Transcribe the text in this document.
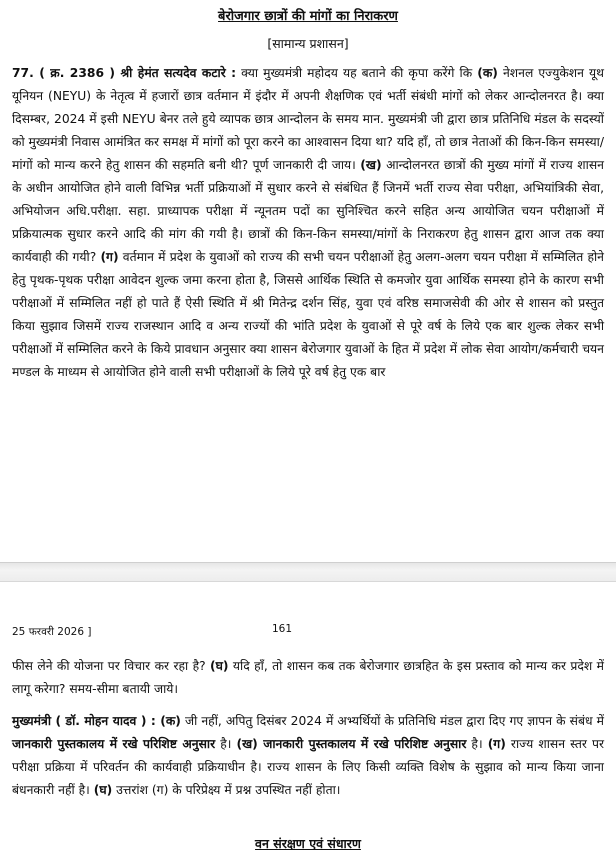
बेरोजगार छात्रों की मांगों का निराकरण
[सामान्य प्रशासन]

77. ( क्र. 2386 ) श्री हेमंत सत्यदेव कटारे : क्या मुख्यमंत्री महोदय यह बताने की कृपा करेंगे कि (क) नेशनल एज्युकेशन यूथ यूनियन (NEYU) के नेतृत्व में हजारों छात्र वर्तमान में इंदौर में अपनी शैक्षणिक एवं भर्ती संबंधी मांगों को लेकर आन्दोलनरत है। क्या दिसम्बर, 2024 में इसी NEYU बेनर तले हुये व्यापक छात्र आन्दोलन के समय मान. मुख्यमंत्री जी द्वारा छात्र प्रतिनिधि मंडल के सदस्यों को मुख्यमंत्री निवास आमंत्रित कर समक्ष में मांगों को पूरा करने का आश्वासन दिया था? यदि हाँ, तो छात्र नेताओं की किन-किन समस्या/मांगों को मान्य करने हेतु शासन की सहमति बनी थी? पूर्ण जानकारी दी जाय। (ख) आन्दोलनरत छात्रों की मुख्य मांगों में राज्य शासन के अधीन आयोजित होने वाली विभिन्न भर्ती प्रक्रियाओं में सुधार करने से संबंधित हैं जिनमें भर्ती राज्य सेवा परीक्षा, अभियांत्रिकी सेवा, अभियोजन अधि.परीक्षा. सहा. प्राध्यापक परीक्षा में न्यूनतम पदों का सुनिश्चित करने सहित अन्य आयोजित चयन परीक्षाओं में प्रक्रियात्मक सुधार करने आदि की मांग की गयी है। छात्रों की किन-किन समस्या/मांगों के निराकरण हेतु शासन द्वारा आज तक क्या कार्यवाही की गयी? (ग) वर्तमान में प्रदेश के युवाओं को राज्य की सभी चयन परीक्षाओं हेतु अलग-अलग चयन परीक्षा में सम्मिलित होने हेतु पृथक-पृथक परीक्षा आवेदन शुल्क जमा करना होता है, जिससे आर्थिक स्थिति से कमजोर युवा आर्थिक समस्या होने के कारण सभी परीक्षाओं में सम्मिलित नहीं हो पाते हैं ऐसी स्थिति में श्री मितेन्द्र दर्शन सिंह, युवा एवं वरिष्ठ समाजसेवी की ओर से शासन को प्रस्तुत किया सुझाव जिसमें राज्य राजस्थान आदि व अन्य राज्यों की भांति प्रदेश के युवाओं से पूरे वर्ष के लिये एक बार शुल्क लेकर सभी परीक्षाओं में सम्मिलित करने के किये प्रावधान अनुसार क्या शासन बेरोजगार युवाओं के हित में प्रदेश में लोक सेवा आयोग/कर्मचारी चयन मण्डल के माध्यम से आयोजित होने वाली सभी परीक्षाओं के लिये पूरे वर्ष हेतु एक बार

25 फरवरी 2026 ]	161

फीस लेने की योजना पर विचार कर रहा है? (घ) यदि हाँ, तो शासन कब तक बेरोजगार छात्रहित के इस प्रस्ताव को मान्य कर प्रदेश में लागू करेगा? समय-सीमा बतायी जाये।

मुख्यमंत्री ( डॉ. मोहन यादव ) : (क) जी नहीं, अपितु दिसंबर 2024 में अभ्यर्थियों के प्रतिनिधि मंडल द्वारा दिए गए ज्ञापन के संबंध में जानकारी पुस्तकालय में रखे परिशिष्ट अनुसार है। (ख) जानकारी पुस्तकालय में रखे परिशिष्ट अनुसार है। (ग) राज्य शासन स्तर पर परीक्षा प्रक्रिया में परिवर्तन की कार्यवाही प्रक्रियाधीन है। राज्य शासन के लिए किसी व्यक्ति विशेष के सुझाव को मान्य किया जाना बंधनकारी नहीं है। (घ) उत्तरांश (ग) के परिप्रेक्ष्य में प्रश्न उपस्थित नहीं होता।

वन संरक्षण एवं संधारण
